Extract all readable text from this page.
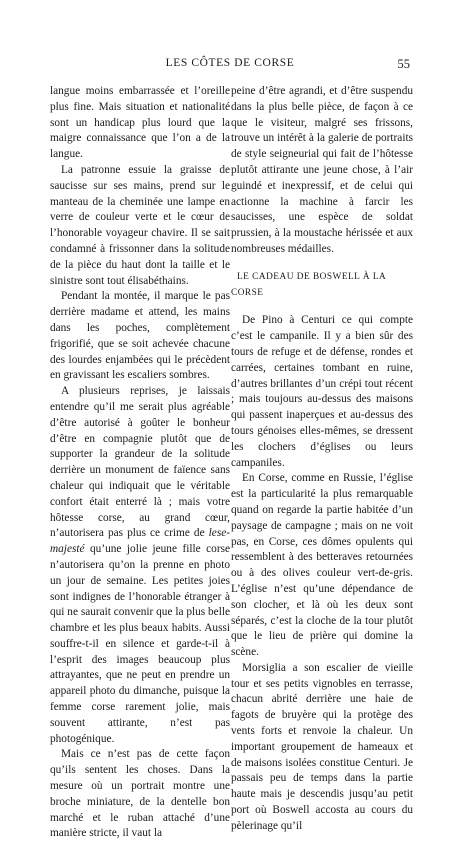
LES CÔTES DE CORSE	55

langue moins embarrassée et l’oreille plus fine. Mais situation et nationalité sont un handicap plus lourd que la maigre connaissance que l’on a de la langue.

La patronne essuie la graisse de saucisse sur ses mains, prend sur le manteau de la cheminée une lampe en verre de couleur verte et le cœur de l’honorable voyageur chavire. Il se sait condamné à frissonner dans la solitude de la pièce du haut dont la taille et le sinistre sont tout élisabéthains.

Pendant la montée, il marque le pas derrière madame et attend, les mains dans les poches, complètement frigorifié, que se soit achevée chacune des lourdes enjambées qui le précèdent en gravissant les escaliers sombres.

A plusieurs reprises, je laissais entendre qu’il me serait plus agréable d’être autorisé à goûter le bonheur d’être en compagnie plutôt que de supporter la grandeur de la solitude derrière un monument de faïence sans chaleur qui indiquait que le véritable confort était enterré là ; mais votre hôtesse corse, au grand cœur, n’autorisera pas plus ce crime de lese-majesté qu’une jolie jeune fille corse n’autorisera qu’on la prenne en photo un jour de semaine. Les petites joies sont indignes de l’honorable étranger à qui ne saurait convenir que la plus belle chambre et les plus beaux habits. Aussi souffre-t-il en silence et garde-t-il à l’esprit des images beaucoup plus attrayantes, que ne peut en prendre un appareil photo du dimanche, puisque la femme corse rarement jolie, mais souvent attirante, n’est pas photogénique.

Mais ce n’est pas de cette façon qu’ils sentent les choses. Dans la mesure où un portrait montre une broche miniature, de la dentelle bon marché et le ruban attaché d’une manière stricte, il vaut la

peine d’être agrandi, et d’être suspendu dans la plus belle pièce, de façon à ce que le visiteur, malgré ses frissons, trouve un intérêt à la galerie de portraits de style seigneurial qui fait de l’hôtesse plutôt attirante une jeune chose, à l’air guindé et inexpressif, et de celui qui actionne la machine à farcir les saucisses, une espèce de soldat prussien, à la moustache hérissée et aux nombreuses médailles.

LE CADEAU DE BOSWELL À LA CORSE

De Pino à Centuri ce qui compte c’est le campanile. Il y a bien sûr des tours de refuge et de défense, rondes et carrées, certaines tombant en ruine, d’autres brillantes d’un crépi tout récent ; mais toujours au-dessus des maisons qui passent inaperçues et au-dessus des tours génoises elles-mêmes, se dressent les clochers d’églises ou leurs campaniles.

En Corse, comme en Russie, l’église est la particularité la plus remarquable quand on regarde la partie habitée d’un paysage de campagne ; mais on ne voit pas, en Corse, ces dômes opulents qui ressemblent à des betteraves retournées ou à des olives couleur vert-de-gris. L’église n’est qu’une dépendance de son clocher, et là où les deux sont séparés, c’est la cloche de la tour plutôt que le lieu de prière qui domine la scène.

Morsiglia a son escalier de vieille tour et ses petits vignobles en terrasse, chacun abrité derrière une haie de fagots de bruyère qui la protège des vents forts et renvoie la chaleur. Un important groupement de hameaux et de maisons isolées constitue Centuri. Je passais peu de temps dans la partie haute mais je descendis jusqu’au petit port où Boswell accosta au cours du pèlerinage qu’il
